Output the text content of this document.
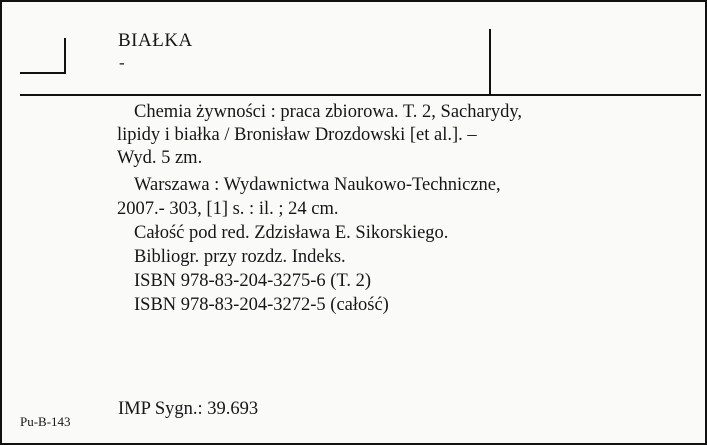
BIAŁKA
-
Chemia żywności : praca zbiorowa. T. 2, Sacharydy,
lipidy i białka / Bronisław Drozdowski [et al.]. –
Wyd. 5 zm.
Warszawa : Wydawnictwa Naukowo-Techniczne,
2007.- 303, [1] s. : il. ; 24 cm.
Całość pod red. Zdzisława E. Sikorskiego.
Bibliogr. przy rozdz. Indeks.
ISBN 978-83-204-3275-6 (T. 2)
ISBN 978-83-204-3272-5 (całość)
Pu-B-143
IMP Sygn.: 39.693
